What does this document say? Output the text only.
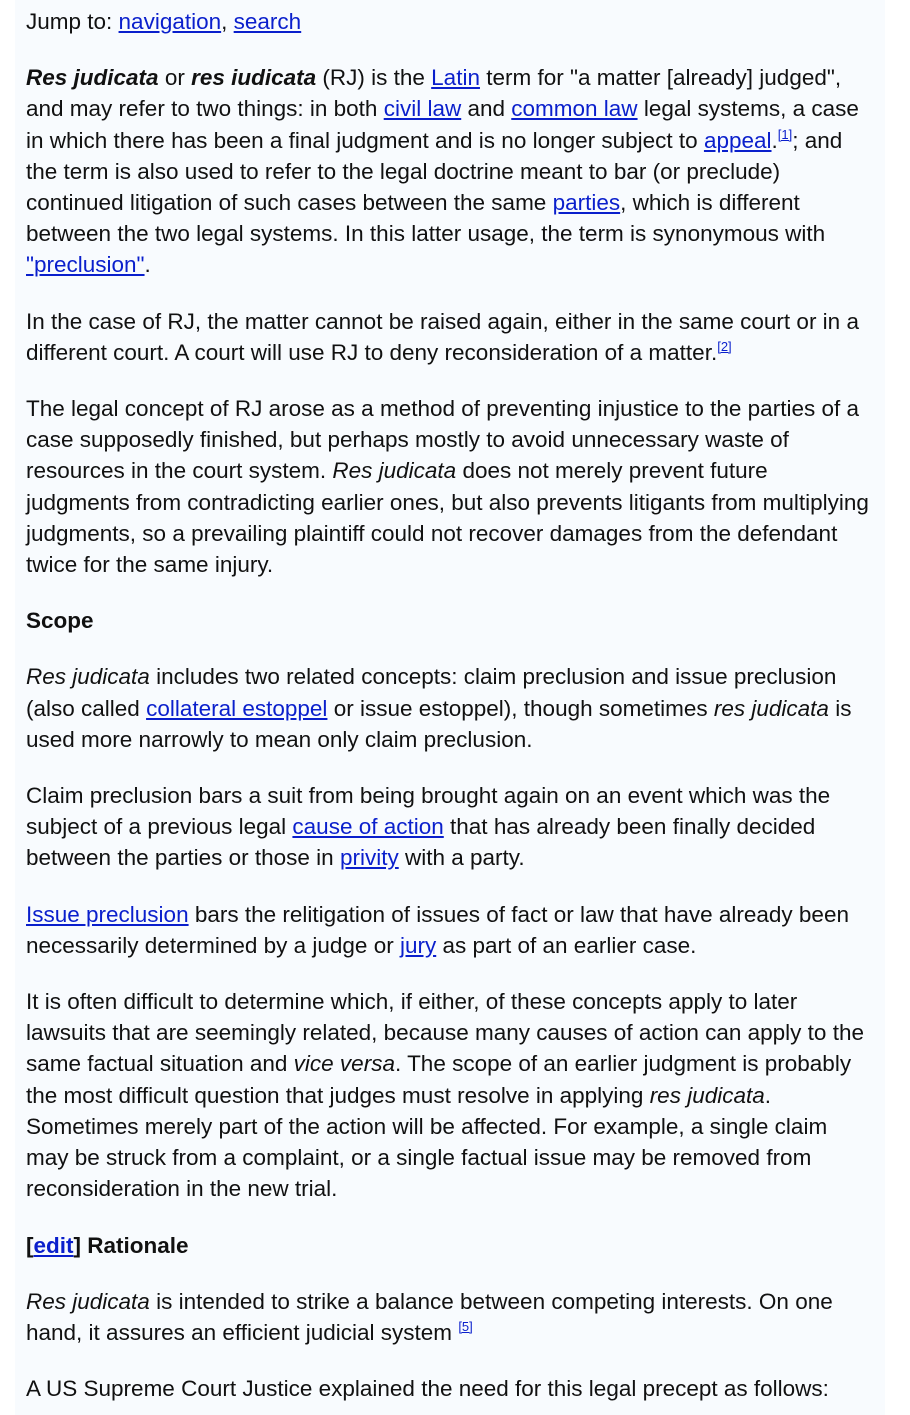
Jump to: navigation, search

Res judicata or res iudicata (RJ) is the Latin term for "a matter [already] judged", and may refer to two things: in both civil law and common law legal systems, a case in which there has been a final judgment and is no longer subject to appeal.[1]; and the term is also used to refer to the legal doctrine meant to bar (or preclude) continued litigation of such cases between the same parties, which is different between the two legal systems. In this latter usage, the term is synonymous with "preclusion".

In the case of RJ, the matter cannot be raised again, either in the same court or in a different court. A court will use RJ to deny reconsideration of a matter.[2]

The legal concept of RJ arose as a method of preventing injustice to the parties of a case supposedly finished, but perhaps mostly to avoid unnecessary waste of resources in the court system. Res judicata does not merely prevent future judgments from contradicting earlier ones, but also prevents litigants from multiplying judgments, so a prevailing plaintiff could not recover damages from the defendant twice for the same injury.

Scope

Res judicata includes two related concepts: claim preclusion and issue preclusion (also called collateral estoppel or issue estoppel), though sometimes res judicata is used more narrowly to mean only claim preclusion.

Claim preclusion bars a suit from being brought again on an event which was the subject of a previous legal cause of action that has already been finally decided between the parties or those in privity with a party.

Issue preclusion bars the relitigation of issues of fact or law that have already been necessarily determined by a judge or jury as part of an earlier case.

It is often difficult to determine which, if either, of these concepts apply to later lawsuits that are seemingly related, because many causes of action can apply to the same factual situation and vice versa. The scope of an earlier judgment is probably the most difficult question that judges must resolve in applying res judicata. Sometimes merely part of the action will be affected. For example, a single claim may be struck from a complaint, or a single factual issue may be removed from reconsideration in the new trial.

[edit] Rationale

Res judicata is intended to strike a balance between competing interests. On one hand, it assures an efficient judicial system [5]

A US Supreme Court Justice explained the need for this legal precept as follows:
